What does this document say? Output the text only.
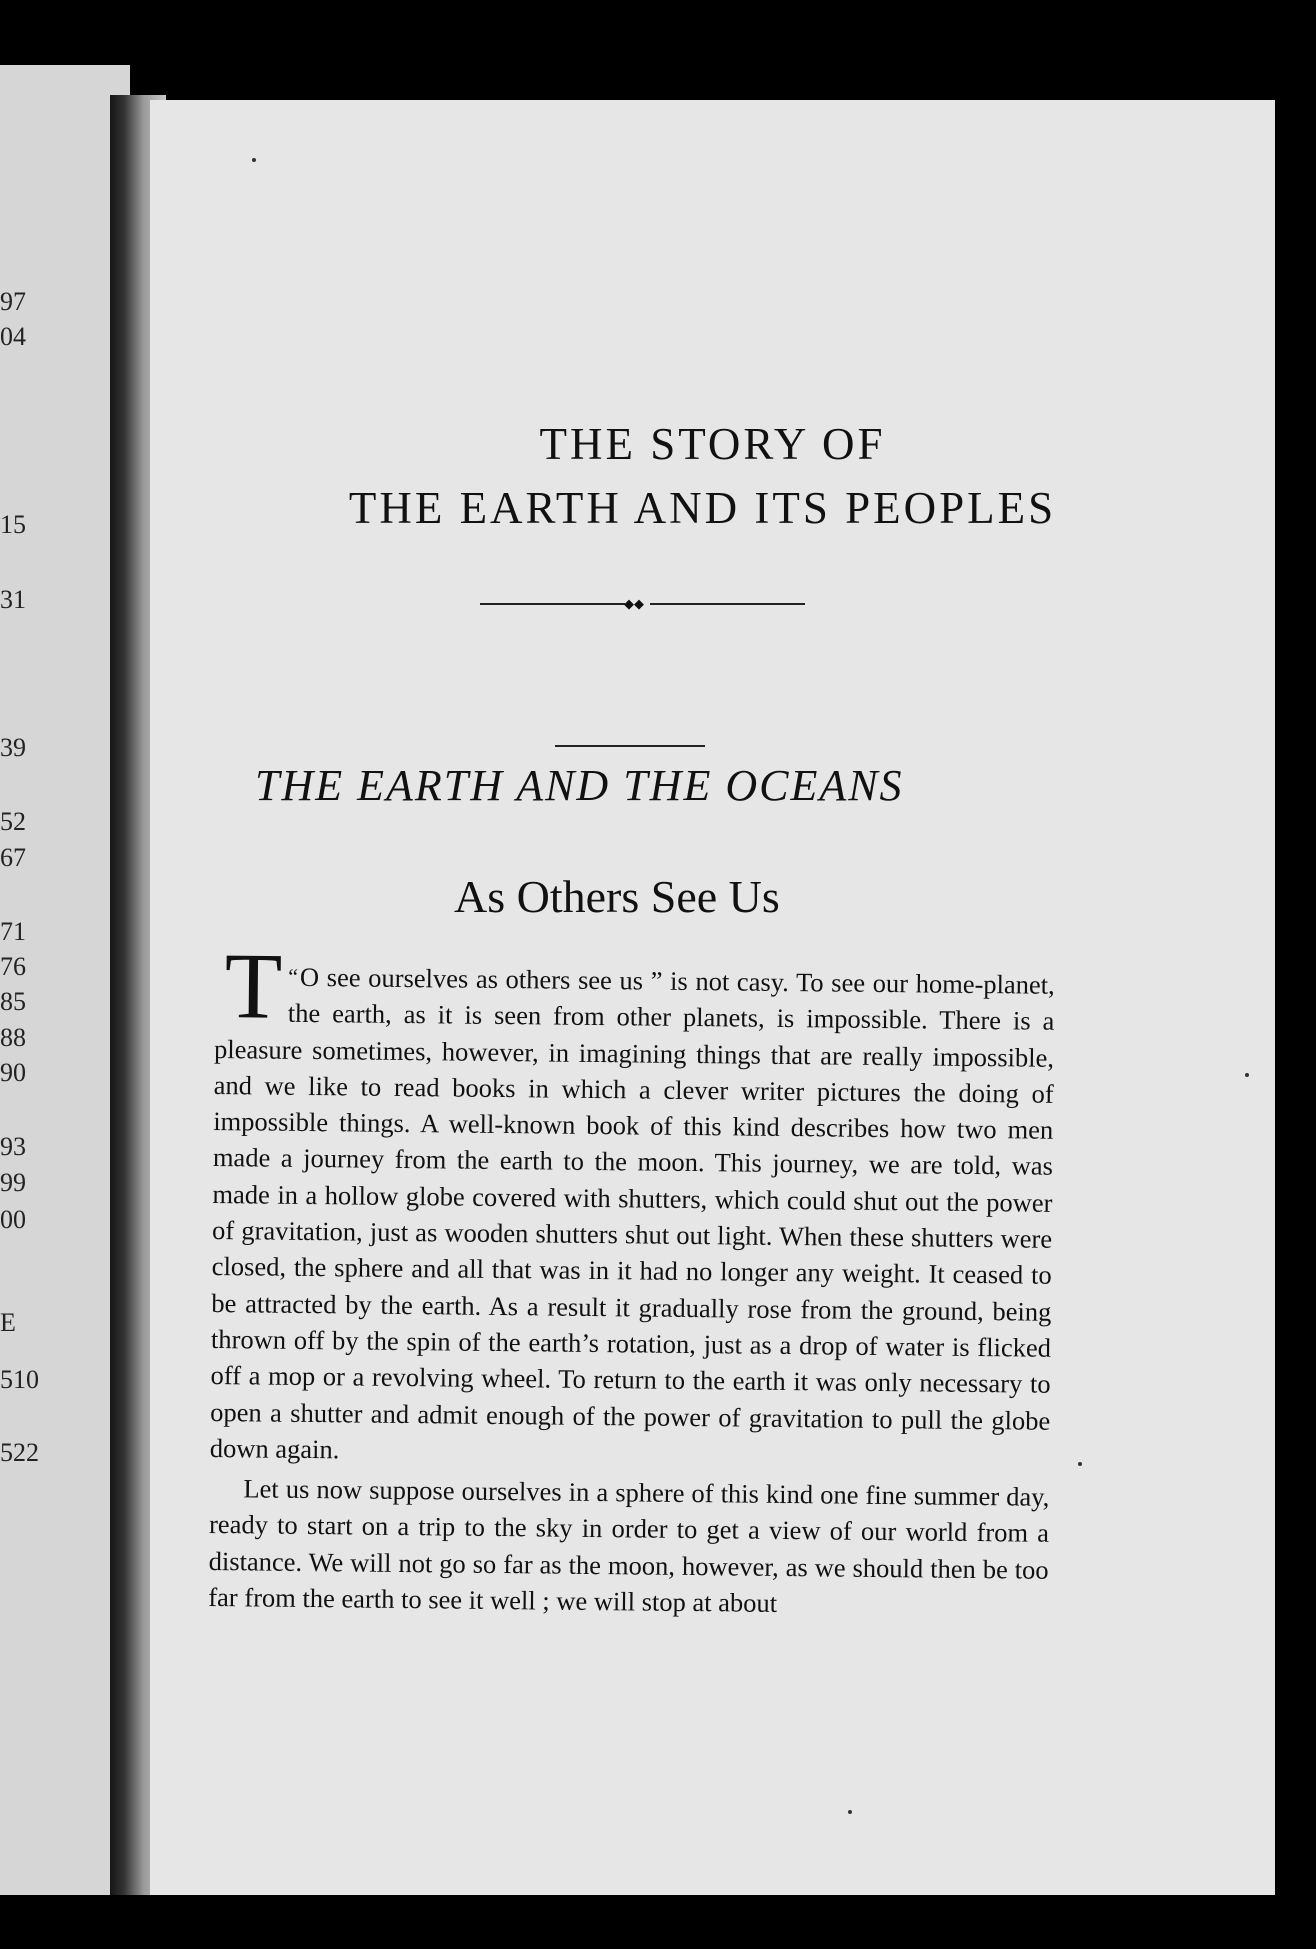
97
04
15
31
39
52
67
71
76
85
88
90
93
99
00
E
510
522
THE STORY OF
THE EARTH AND ITS PEOPLES
◆◆
THE EARTH AND THE OCEANS
As Others See Us
“
T O see ourselves as others see us ” is not casy. To see our home-planet, the earth, as it is seen from other planets, is impossible. There is a pleasure sometimes, however, in imagining things that are really impossible, and we like to read books in which a clever writer pictures the doing of impossible things. A well-known book of this kind describes how two men made a journey from the earth to the moon. This journey, we are told, was made in a hollow globe covered with shutters, which could shut out the power of gravitation, just as wooden shutters shut out light. When these shutters were closed, the sphere and all that was in it had no longer any weight. It ceased to be attracted by the earth. As a result it gradually rose from the ground, being thrown off by the spin of the earth’s rotation, just as a drop of water is flicked off a mop or a revolving wheel. To return to the earth it was only necessary to open a shutter and admit enough of the power of gravitation to pull the globe down again.

Let us now suppose ourselves in a sphere of this kind one fine summer day, ready to start on a trip to the sky in order to get a view of our world from a distance. We will not go so far as the moon, however, as we should then be too far from the earth to see it well ; we will stop at about
